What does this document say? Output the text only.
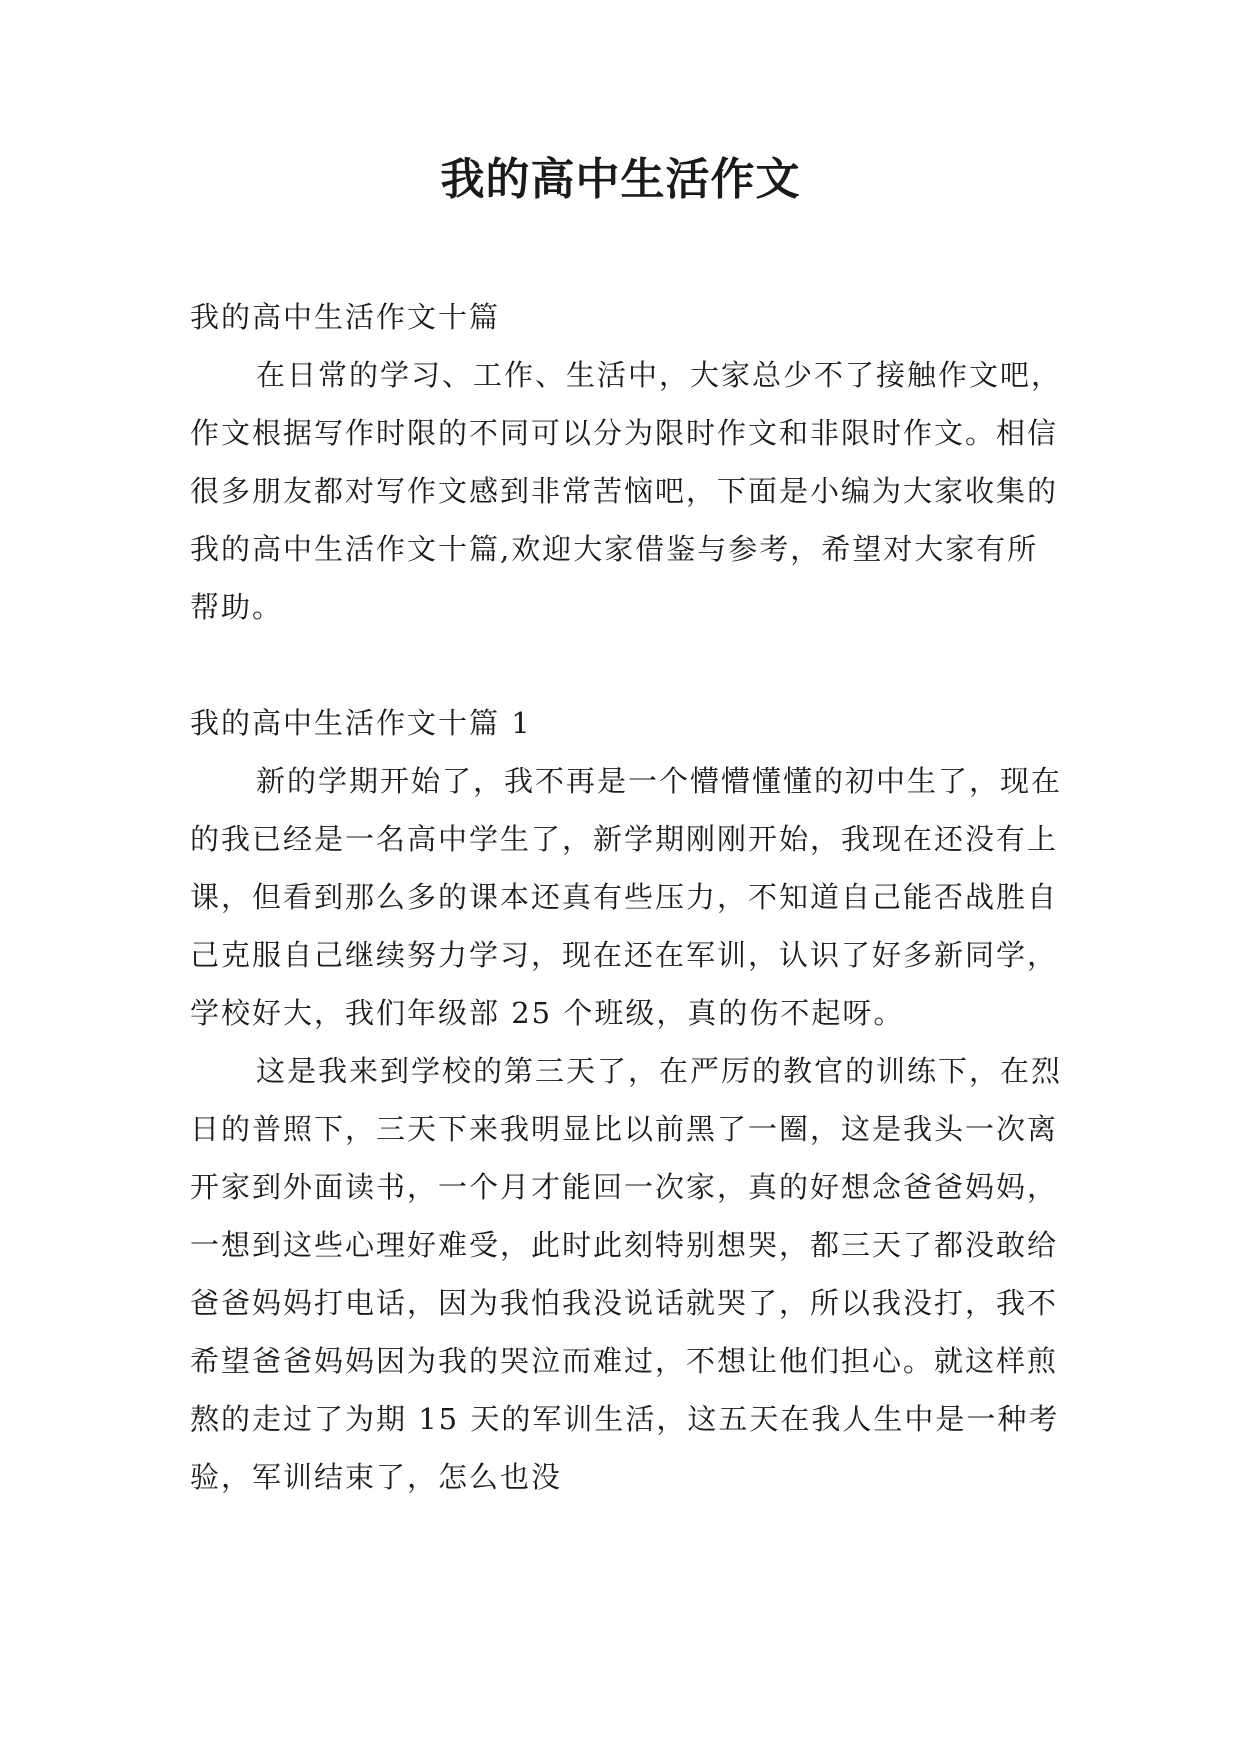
我的高中生活作文

我的高中生活作文十篇

在日常的学习、工作、生活中，大家总少不了接触作文吧，作文根据写作时限的不同可以分为限时作文和非限时作文。相信很多朋友都对写作文感到非常苦恼吧，下面是小编为大家收集的我的高中生活作文十篇,欢迎大家借鉴与参考，希望对大家有所帮助。

我的高中生活作文十篇 1

新的学期开始了，我不再是一个懵懵懂懂的初中生了，现在的我已经是一名高中学生了，新学期刚刚开始，我现在还没有上课，但看到那么多的课本还真有些压力，不知道自己能否战胜自己克服自己继续努力学习，现在还在军训，认识了好多新同学，学校好大，我们年级部 25 个班级，真的伤不起呀。

这是我来到学校的第三天了，在严厉的教官的训练下，在烈日的普照下，三天下来我明显比以前黑了一圈，这是我头一次离开家到外面读书，一个月才能回一次家，真的好想念爸爸妈妈，一想到这些心理好难受，此时此刻特别想哭，都三天了都没敢给爸爸妈妈打电话，因为我怕我没说话就哭了，所以我没打，我不希望爸爸妈妈因为我的哭泣而难过，不想让他们担心。就这样煎熬的走过了为期 15 天的军训生活，这五天在我人生中是一种考验，军训结束了，怎么也没
